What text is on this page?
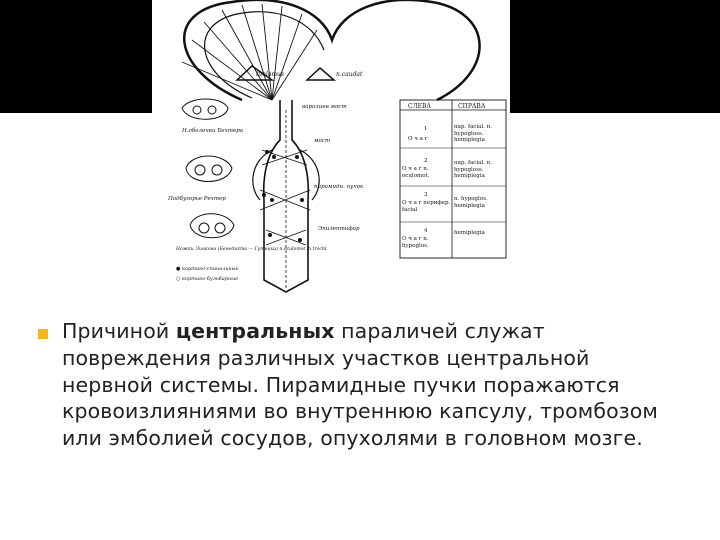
thalamus	n.caudat
варолиев мост
мост
пирамидн. пучок
Н.оболочки Бехтера
Подбугорье Рехтер
Эпилептифор
Ножки Линкона (Бенедикта — Гутника) n.oculomot, n.trochl.
● кортико-спинальные
○ кортико-бульбарные
СЛЕВА	СПРАВА
1
О ч а г
пар. facial. n. hypogloss. hemiplegia
2
О ч а г n. oculomot.
пар. facial. n. hypogloss. hemiplegia
3
О ч а г перифер. facial
n. hypoglos. hemiplegia
4
О ч а г n. hypoglos.
hemiplegia

Причиной центральных параличей служат повреждения различных участков центральной нервной системы. Пирамидные пучки поражаются кровоизлияниями во внутреннюю капсулу, тромбозом или эмболией сосудов, опухолями в головном мозге.
